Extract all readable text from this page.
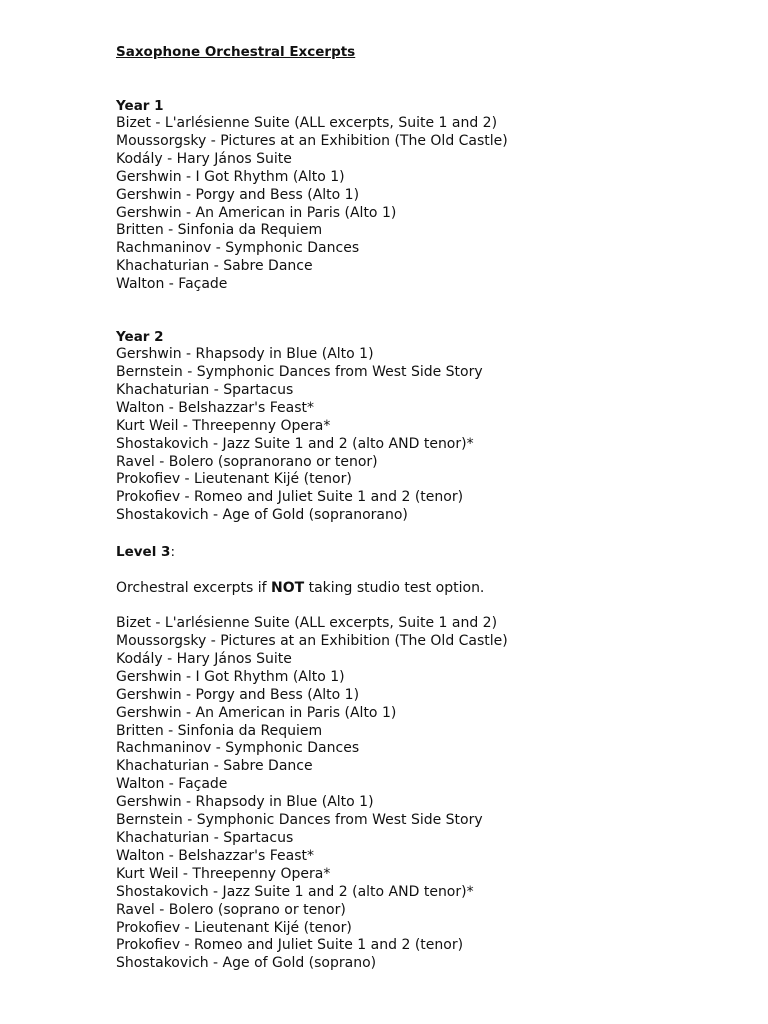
Saxophone Orchestral Excerpts
Year 1
Bizet - L'arlésienne Suite (ALL excerpts, Suite 1 and 2)
Moussorgsky - Pictures at an Exhibition (The Old Castle)
Kodály - Hary János Suite
Gershwin - I Got Rhythm (Alto 1)
Gershwin - Porgy and Bess (Alto 1)
Gershwin - An American in Paris (Alto 1)
Britten - Sinfonia da Requiem
Rachmaninov - Symphonic Dances
Khachaturian - Sabre Dance
Walton - Façade
Year 2
Gershwin - Rhapsody in Blue (Alto 1)
Bernstein - Symphonic Dances from West Side Story
Khachaturian - Spartacus
Walton - Belshazzar's Feast*
Kurt Weil - Threepenny Opera*
Shostakovich - Jazz Suite 1 and 2 (alto AND tenor)*
Ravel - Bolero (sopranorano or tenor)
Prokofiev - Lieutenant Kijé (tenor)
Prokofiev - Romeo and Juliet Suite 1 and 2 (tenor)
Shostakovich - Age of Gold (sopranorano)
Level 3:
Orchestral excerpts if NOT taking studio test option.
Bizet - L'arlésienne Suite (ALL excerpts, Suite 1 and 2)
Moussorgsky - Pictures at an Exhibition (The Old Castle)
Kodály - Hary János Suite
Gershwin - I Got Rhythm (Alto 1)
Gershwin - Porgy and Bess (Alto 1)
Gershwin - An American in Paris (Alto 1)
Britten - Sinfonia da Requiem
Rachmaninov - Symphonic Dances
Khachaturian - Sabre Dance
Walton - Façade
Gershwin - Rhapsody in Blue (Alto 1)
Bernstein - Symphonic Dances from West Side Story
Khachaturian - Spartacus
Walton - Belshazzar's Feast*
Kurt Weil - Threepenny Opera*
Shostakovich - Jazz Suite 1 and 2 (alto AND tenor)*
Ravel - Bolero (soprano or tenor)
Prokofiev - Lieutenant Kijé (tenor)
Prokofiev - Romeo and Juliet Suite 1 and 2 (tenor)
Shostakovich - Age of Gold (soprano)
